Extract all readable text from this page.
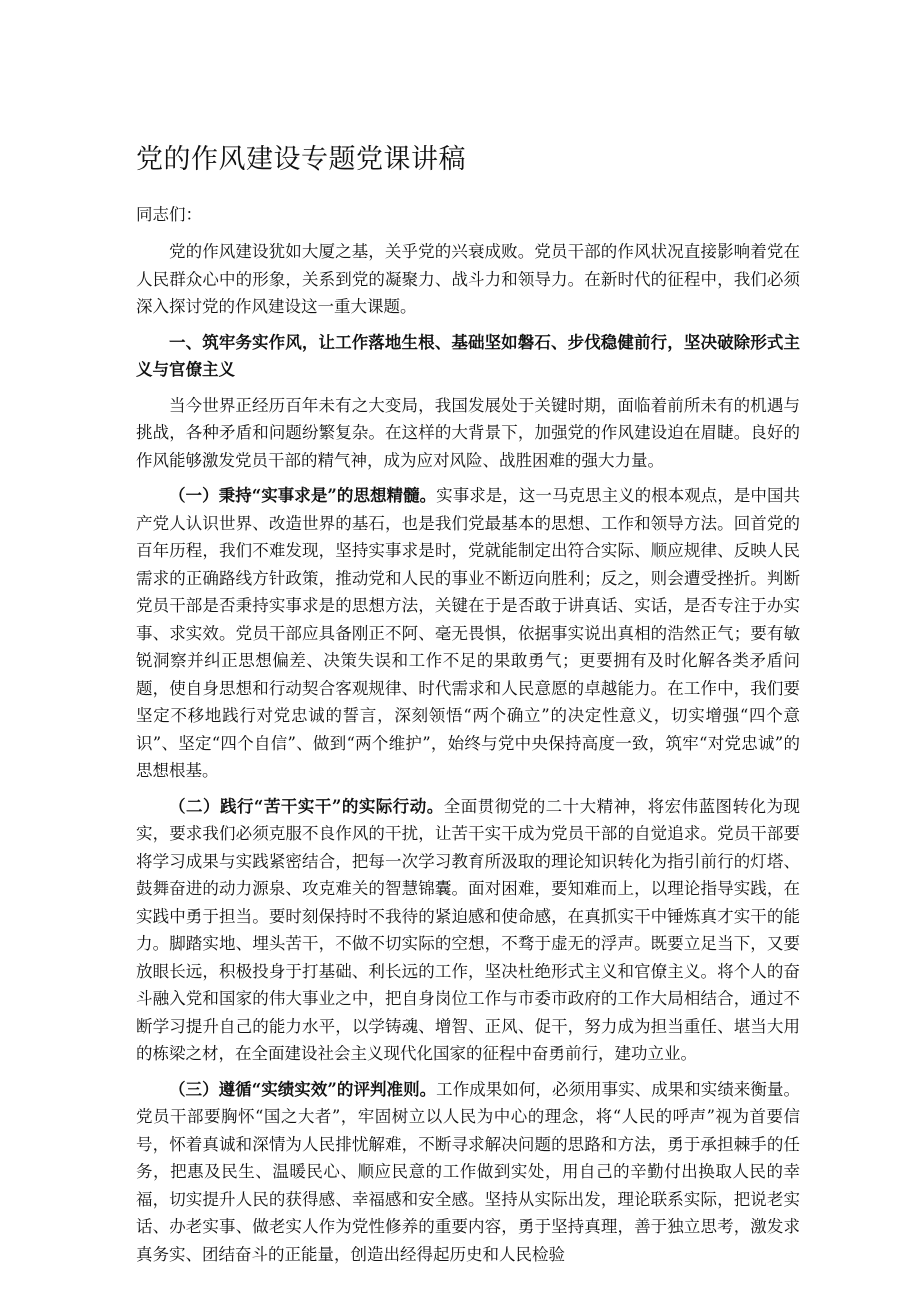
党的作风建设专题党课讲稿

同志们：

党的作风建设犹如大厦之基，关乎党的兴衰成败。党员干部的作风状况直接影响着党在人民群众心中的形象，关系到党的凝聚力、战斗力和领导力。在新时代的征程中，我们必须深入探讨党的作风建设这一重大课题。

一、筑牢务实作风，让工作落地生根、基础坚如磐石、步伐稳健前行，坚决破除形式主义与官僚主义

当今世界正经历百年未有之大变局，我国发展处于关键时期，面临着前所未有的机遇与挑战，各种矛盾和问题纷繁复杂。在这样的大背景下，加强党的作风建设迫在眉睫。良好的作风能够激发党员干部的精气神，成为应对风险、战胜困难的强大力量。

（一）秉持“实事求是”的思想精髓。实事求是，这一马克思主义的根本观点，是中国共产党人认识世界、改造世界的基石，也是我们党最基本的思想、工作和领导方法。回首党的百年历程，我们不难发现，坚持实事求是时，党就能制定出符合实际、顺应规律、反映人民需求的正确路线方针政策，推动党和人民的事业不断迈向胜利；反之，则会遭受挫折。判断党员干部是否秉持实事求是的思想方法，关键在于是否敢于讲真话、实话，是否专注于办实事、求实效。党员干部应具备刚正不阿、毫无畏惧，依据事实说出真相的浩然正气；要有敏锐洞察并纠正思想偏差、决策失误和工作不足的果敢勇气；更要拥有及时化解各类矛盾问题，使自身思想和行动契合客观规律、时代需求和人民意愿的卓越能力。在工作中，我们要坚定不移地践行对党忠诚的誓言，深刻领悟“两个确立”的决定性意义，切实增强“四个意识”、坚定“四个自信”、做到“两个维护”，始终与党中央保持高度一致，筑牢“对党忠诚”的思想根基。

（二）践行“苦干实干”的实际行动。全面贯彻党的二十大精神，将宏伟蓝图转化为现实，要求我们必须克服不良作风的干扰，让苦干实干成为党员干部的自觉追求。党员干部要将学习成果与实践紧密结合，把每一次学习教育所汲取的理论知识转化为指引前行的灯塔、鼓舞奋进的动力源泉、攻克难关的智慧锦囊。面对困难，要知难而上，以理论指导实践，在实践中勇于担当。要时刻保持时不我待的紧迫感和使命感，在真抓实干中锤炼真才实干的能力。脚踏实地、埋头苦干，不做不切实际的空想，不骛于虚无的浮声。既要立足当下，又要放眼长远，积极投身于打基础、利长远的工作，坚决杜绝形式主义和官僚主义。将个人的奋斗融入党和国家的伟大事业之中，把自身岗位工作与市委市政府的工作大局相结合，通过不断学习提升自己的能力水平，以学铸魂、增智、正风、促干，努力成为担当重任、堪当大用的栋梁之材，在全面建设社会主义现代化国家的征程中奋勇前行，建功立业。

（三）遵循“实绩实效”的评判准则。工作成果如何，必须用事实、成果和实绩来衡量。党员干部要胸怀“国之大者”，牢固树立以人民为中心的理念，将“人民的呼声”视为首要信号，怀着真诚和深情为人民排忧解难，不断寻求解决问题的思路和方法，勇于承担棘手的任务，把惠及民生、温暖民心、顺应民意的工作做到实处，用自己的辛勤付出换取人民的幸福，切实提升人民的获得感、幸福感和安全感。坚持从实际出发，理论联系实际，把说老实话、办老实事、做老实人作为党性修养的重要内容，勇于坚持真理，善于独立思考，激发求真务实、团结奋斗的正能量，创造出经得起历史和人民检验
